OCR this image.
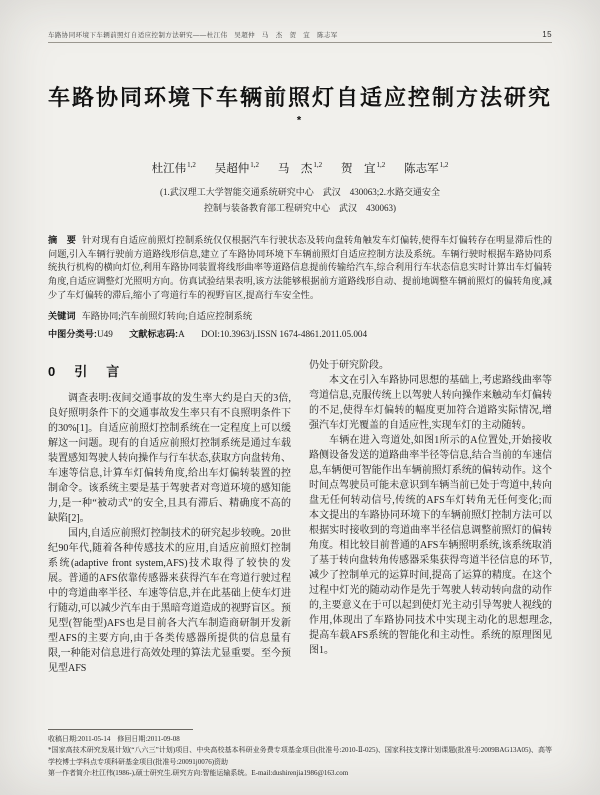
车路协同环境下车辆前照灯自适应控制方法研究——杜江伟　吴超仲　马　杰　贺　宜　陈志军	15
车路协同环境下车辆前照灯自适应控制方法研究*
杜江伟$^{1,2}$ 吴超仲$^{1,2}$ 马　杰$^{1,2}$ 贺　宜$^{1,2}$ 陈志军$^{1,2}$
(1.武汉理工大学智能交通系统研究中心　武汉　430063;2.水路交通安全
控制与装备教育部工程研究中心　武汉　430063)

摘　要 针对现有自适应前照灯控制系统仅仅根据汽车行驶状态及转向盘转角触发车灯偏转,使得车灯偏转存在明显滞后性的问题,引入车辆行驶前方道路线形信息,建立了车路协同环境下车辆前照灯自适应控制方法及系统。车辆行驶时根据车路协同系统执行机构的横向灯位,利用车路协同装置将线形曲率等道路信息提前传输给汽车,综合利用行车状态信息实时计算出车灯偏转角度,自适应调整灯光照明方向。仿真试验结果表明,该方法能够根据前方道路线形自动、提前地调整车辆前照灯的偏转角度,减少了车灯偏转的滞后,缩小了弯道行车的视野盲区,提高行车安全性。

关键词 车路协同;汽车前照灯转向;自适应控制系统

中图分类号:U49 文献标志码:A DOI:10.3963/j.ISSN 1674-4861.2011.05.004

0　引　言

调查表明:夜间交通事故的发生率大约是白天的3倍,良好照明条件下的交通事故发生率只有不良照明条件下的30%[1]。自适应前照灯控制系统在一定程度上可以缓解这一问题。现有的自适应前照灯控制系统是通过车载装置感知驾驶人转向操作与行车状态,获取方向盘转角、车速等信息,计算车灯偏转角度,给出车灯偏转装置的控制命令。该系统主要是基于驾驶者对弯道环境的感知能力,是一种“被动式”的安全,且具有滞后、精确度不高的缺陷[2]。

国内,自适应前照灯控制技术的研究起步较晚。20世纪90年代,随着各种传感技术的应用,自适应前照灯控制系统(adaptive front system,AFS)技术取得了较快的发展。普通的AFS依靠传感器来获得汽车在弯道行驶过程中的弯道曲率半径、车速等信息,并在此基础上使车灯进行随动,可以减少汽车由于黑暗弯道造成的视野盲区。预见型(智能型)AFS也是目前各大汽车制造商研制开发新型AFS的主要方向,由于各类传感器所提供的信息量有限,一种能对信息进行高效处理的算法尤显重要。至今预见型AFS

仍处于研究阶段。

本文在引入车路协同思想的基础上,考虑路线曲率等弯道信息,克服传统上以驾驶人转向操作来触动车灯偏转的不足,使得车灯偏转的幅度更加符合道路实际情况,增强汽车灯光覆盖的自适应性,实现车灯的主动随转。

车辆在进入弯道处,如图1所示的A位置处,开始接收路侧设备发送的道路曲率半径等信息,结合当前的车速信息,车辆便可智能作出车辆前照灯系统的偏转动作。这个时间点驾驶员可能未意识到车辆当前已处于弯道中,转向盘无任何转动信号,传统的AFS车灯转角无任何变化;而本文提出的车路协同环境下的车辆前照灯控制方法可以根据实时接收到的弯道曲率半径信息调整前照灯的偏转角度。相比较目前普通的AFS车辆照明系统,该系统取消了基于转向盘转角传感器采集获得弯道半径信息的环节,减少了控制单元的运算时间,提高了运算的精度。在这个过程中灯光的随动动作是先于驾驶人转动转向盘的动作的,主要意义在于可以起到使灯光主动引导驾驶人视线的作用,体现出了车路协同技术中实现主动化的思想理念,提高车载AFS系统的智能化和主动性。系统的原理图见图1。

收稿日期:2011-05-14　修回日期:2011-09-08

*国家高技术研究发展计划(“八六三”计划)项目、中央高校基本科研业务费专项基金项目(批准号:2010-Ⅱ-025)、国家科技支撑计划课题(批准号:2009BAG13A05)、高等学校博士学科点专项科研基金项目(批准号:20091j0076)资助

第一作者简介:杜江伟(1986-),硕士研究生.研究方向:智能运输系统。E-mail:dushirenjia1986@163.com
